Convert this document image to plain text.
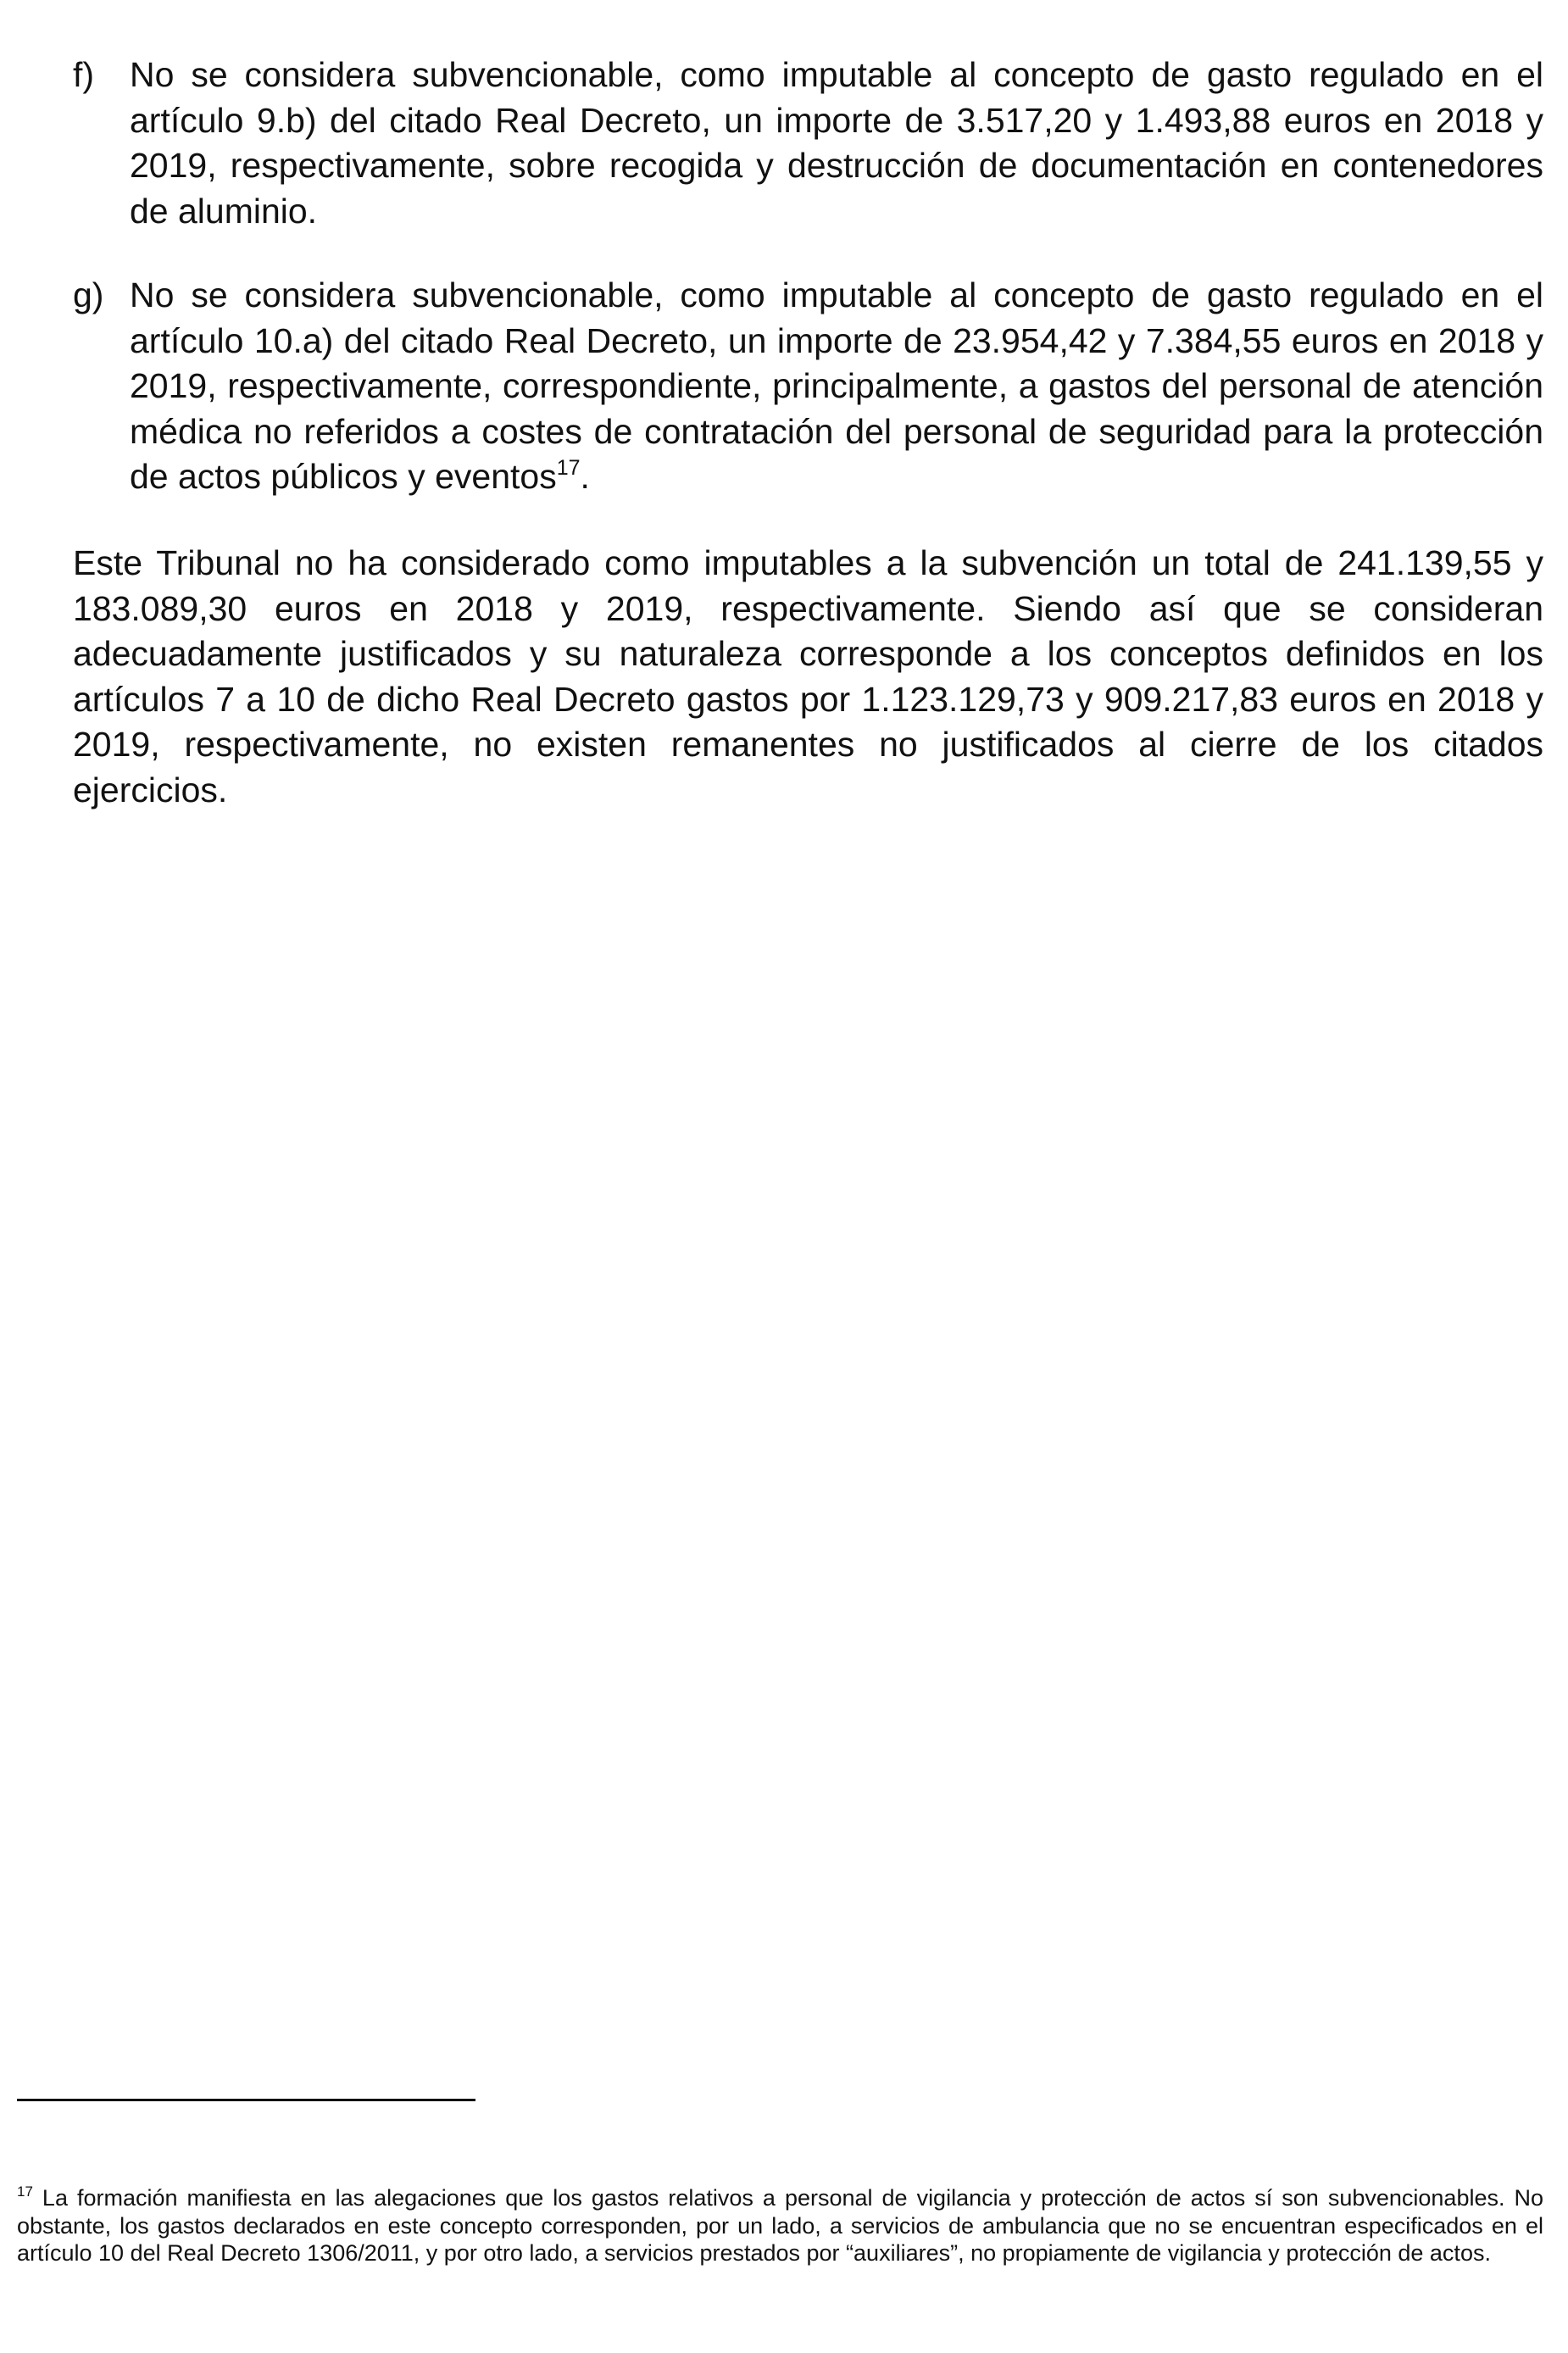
f) No se considera subvencionable, como imputable al concepto de gasto regulado en el artículo 9.b) del citado Real Decreto, un importe de 3.517,20 y 1.493,88 euros en 2018 y 2019, respectivamente, sobre recogida y destrucción de documentación en contenedores de aluminio.
g) No se considera subvencionable, como imputable al concepto de gasto regulado en el artículo 10.a) del citado Real Decreto, un importe de 23.954,42 y 7.384,55 euros en 2018 y 2019, respectivamente, correspondiente, principalmente, a gastos del personal de atención médica no referidos a costes de contratación del personal de seguridad para la protección de actos públicos y eventos$^{17}$.
Este Tribunal no ha considerado como imputables a la subvención un total de 241.139,55 y 183.089,30 euros en 2018 y 2019, respectivamente. Siendo así que se consideran adecuadamente justificados y su naturaleza corresponde a los conceptos definidos en los artículos 7 a 10 de dicho Real Decreto gastos por 1.123.129,73 y 909.217,83 euros en 2018 y 2019, respectivamente, no existen remanentes no justificados al cierre de los citados ejercicios.
$^{17}$ La formación manifiesta en las alegaciones que los gastos relativos a personal de vigilancia y protección de actos sí son subvencionables. No obstante, los gastos declarados en este concepto corresponden, por un lado, a servicios de ambulancia que no se encuentran especificados en el artículo 10 del Real Decreto 1306/2011, y por otro lado, a servicios prestados por “auxiliares”, no propiamente de vigilancia y protección de actos.
